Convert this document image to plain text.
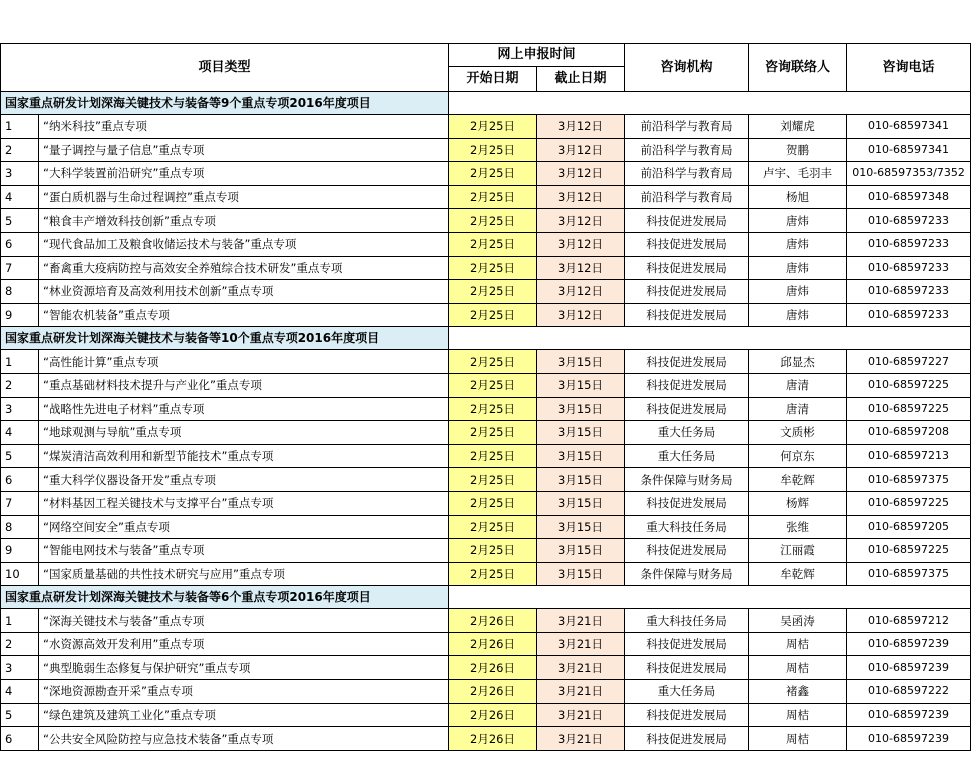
项目类型		网上申报时间		咨询机构	咨询联络人	咨询电话
		开始日期	截止日期			
国家重点研发计划深海关键技术与装备等9个重点专项2016年度项目						
1	“纳米科技”重点专项	2月25日	3月12日	前沿科学与教育局	刘耀虎	010-68597341
2	“量子调控与量子信息”重点专项	2月25日	3月12日	前沿科学与教育局	贺鹏	010-68597341
3	“大科学装置前沿研究”重点专项	2月25日	3月12日	前沿科学与教育局	卢宇、毛羽丰	010-68597353/7352
4	“蛋白质机器与生命过程调控”重点专项	2月25日	3月12日	前沿科学与教育局	杨旭	010-68597348
5	“粮食丰产增效科技创新”重点专项	2月25日	3月12日	科技促进发展局	唐炜	010-68597233
6	“现代食品加工及粮食收储运技术与装备”重点专项	2月25日	3月12日	科技促进发展局	唐炜	010-68597233
7	“畜禽重大疫病防控与高效安全养殖综合技术研发”重点专项	2月25日	3月12日	科技促进发展局	唐炜	010-68597233
8	“林业资源培育及高效利用技术创新”重点专项	2月25日	3月12日	科技促进发展局	唐炜	010-68597233
9	“智能农机装备”重点专项	2月25日	3月12日	科技促进发展局	唐炜	010-68597233
国家重点研发计划深海关键技术与装备等10个重点专项2016年度项目						
1	“高性能计算”重点专项	2月25日	3月15日	科技促进发展局	邱显杰	010-68597227
2	“重点基础材料技术提升与产业化”重点专项	2月25日	3月15日	科技促进发展局	唐清	010-68597225
3	“战略性先进电子材料”重点专项	2月25日	3月15日	科技促进发展局	唐清	010-68597225
4	“地球观测与导航”重点专项	2月25日	3月15日	重大任务局	文质彬	010-68597208
5	“煤炭清洁高效利用和新型节能技术”重点专项	2月25日	3月15日	重大任务局	何京东	010-68597213
6	“重大科学仪器设备开发”重点专项	2月25日	3月15日	条件保障与财务局	牟乾辉	010-68597375
7	“材料基因工程关键技术与支撑平台”重点专项	2月25日	3月15日	科技促进发展局	杨辉	010-68597225
8	“网络空间安全”重点专项	2月25日	3月15日	重大科技任务局	张维	010-68597205
9	“智能电网技术与装备”重点专项	2月25日	3月15日	科技促进发展局	江丽霞	010-68597225
10	“国家质量基础的共性技术研究与应用”重点专项	2月25日	3月15日	条件保障与财务局	牟乾辉	010-68597375
国家重点研发计划深海关键技术与装备等6个重点专项2016年度项目						
1	“深海关键技术与装备”重点专项	2月26日	3月21日	重大科技任务局	吴函涛	010-68597212
2	“水资源高效开发利用”重点专项	2月26日	3月21日	科技促进发展局	周桔	010-68597239
3	“典型脆弱生态修复与保护研究”重点专项	2月26日	3月21日	科技促进发展局	周桔	010-68597239
4	“深地资源勘查开采”重点专项	2月26日	3月21日	重大任务局	褚鑫	010-68597222
5	“绿色建筑及建筑工业化”重点专项	2月26日	3月21日	科技促进发展局	周桔	010-68597239
6	“公共安全风险防控与应急技术装备”重点专项	2月26日	3月21日	科技促进发展局	周桔	010-68597239
